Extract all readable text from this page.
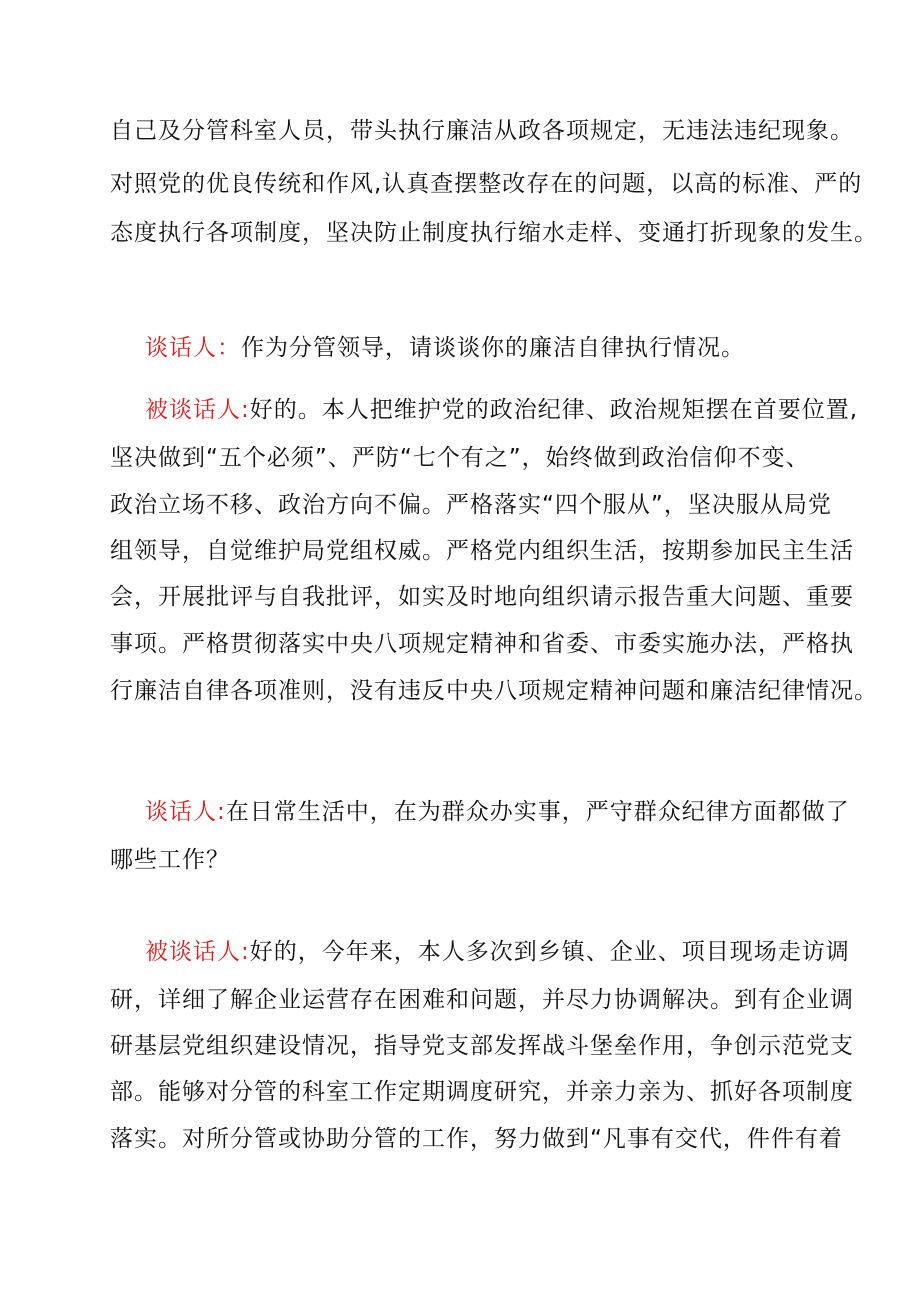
自己及分管科室人员，带头执行廉洁从政各项规定，无违法违纪现象。
对照党的优良传统和作风,认真查摆整改存在的问题，以高的标准、严的
态度执行各项制度，坚决防止制度执行缩水走样、变通打折现象的发生。
谈话人：作为分管领导，请谈谈你的廉洁自律执行情况。
被谈话人:好的。本人把维护党的政治纪律、政治规矩摆在首要位置,
坚决做到“五个必须”、严防“七个有之”，始终做到政治信仰不变、
政治立场不移、政治方向不偏。严格落实“四个服从”，坚决服从局党
组领导，自觉维护局党组权威。严格党内组织生活，按期参加民主生活
会，开展批评与自我批评，如实及时地向组织请示报告重大问题、重要
事项。严格贯彻落实中央八项规定精神和省委、市委实施办法，严格执
行廉洁自律各项准则，没有违反中央八项规定精神问题和廉洁纪律情况。
谈话人:在日常生活中，在为群众办实事，严守群众纪律方面都做了
哪些工作？
被谈话人:好的，今年来，本人多次到乡镇、企业、项目现场走访调
研，详细了解企业运营存在困难和问题，并尽力协调解决。到有企业调
研基层党组织建设情况，指导党支部发挥战斗堡垒作用，争创示范党支
部。能够对分管的科室工作定期调度研究，并亲力亲为、抓好各项制度
落实。对所分管或协助分管的工作，努力做到“凡事有交代，件件有着
